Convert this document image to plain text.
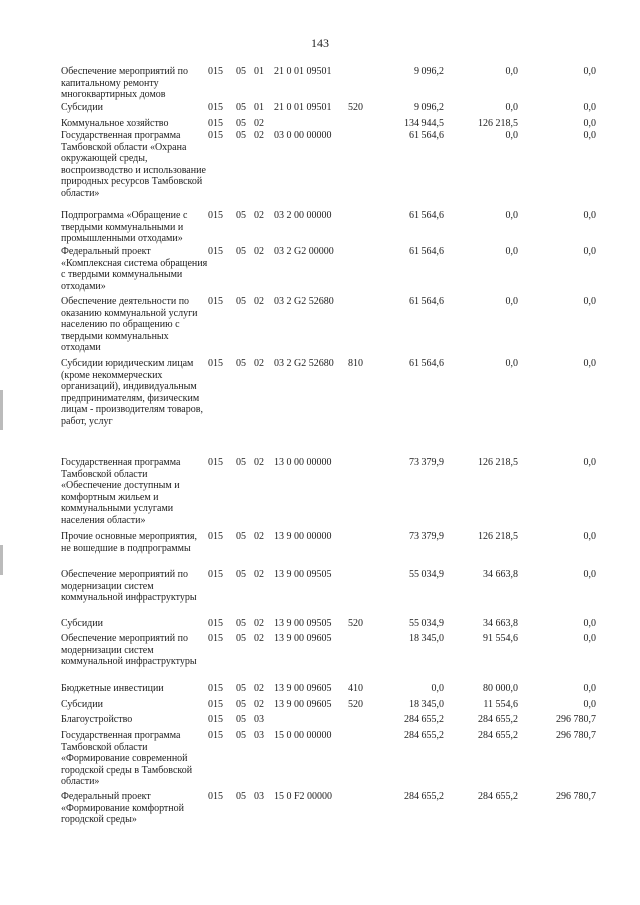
143
Обеспечение мероприятий по капитальному ремонту многоквартирных домов
015	05 01	21 0 01 09501	9 096,2	0,0	0,0
Субсидии	015	05 01	21 0 01 09501	520	9 096,2	0,0	0,0
Коммунальное хозяйство	015	05 02	134 944,5	126 218,5	0,0
Государственная программа Тамбовской области «Охрана окружающей среды, воспроизводство и использование природных ресурсов Тамбовской области»
015	05 02	03 0 00 00000	61 564,6	0,0	0,0
Подпрограмма «Обращение с твердыми коммунальными и промышленными отходами»
015	05 02	03 2 00 00000	61 564,6	0,0	0,0
Федеральный проект «Комплексная система обращения с твердыми коммунальными отходами»
015	05 02	03 2 G2 00000	61 564,6	0,0	0,0
Обеспечение деятельности по оказанию коммунальной услуги населению по обращению с твердыми коммунальных отходами
015	05 02	03 2 G2 52680	61 564,6	0,0	0,0
Субсидии юридическим лицам (кроме некоммерческих организаций), индивидуальным предпринимателям, физическим лицам - производителям товаров, работ, услуг
015	05 02	03 2 G2 52680	810	61 564,6	0,0	0,0
Государственная программа Тамбовской области «Обеспечение доступным и комфортным жильем и коммунальными услугами населения области»
015	05 02	13 0 00 00000	73 379,9	126 218,5	0,0
Прочие основные мероприятия, не вошедшие в подпрограммы
015	05 02	13 9 00 00000	73 379,9	126 218,5	0,0
Обеспечение мероприятий по модернизации систем коммунальной инфраструктуры
015	05 02	13 9 00 09505	55 034,9	34 663,8	0,0
Субсидии	015	05 02	13 9 00 09505	520	55 034,9	34 663,8	0,0
Обеспечение мероприятий по модернизации систем коммунальной инфраструктуры
015	05 02	13 9 00 09605	18 345,0	91 554,6	0,0
Бюджетные инвестиции	015	05 02	13 9 00 09605	410	0,0	80 000,0	0,0
Субсидии	015	05 02	13 9 00 09605	520	18 345,0	11 554,6	0,0
Благоустройство	015	05 03	284 655,2	284 655,2	296 780,7
Государственная программа Тамбовской области «Формирование современной городской среды в Тамбовской области»
015	05 03	15 0 00 00000	284 655,2	284 655,2	296 780,7
Федеральный проект «Формирование комфортной городской среды»
015	05 03	15 0 F2 00000	284 655,2	284 655,2	296 780,7
